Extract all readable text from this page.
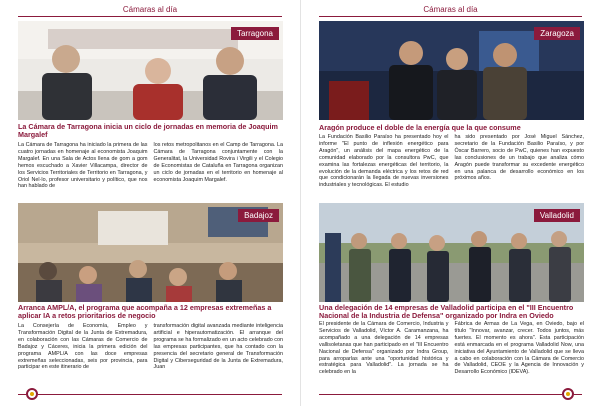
Cámaras al día
Tarragona
La Cámara de Tarragona inicia un ciclo de jornadas en memoria de Joaquim Margalef
La Cámara de Tarragona ha iniciado la primera de las cuatro jornadas en homenaje al economista Joaquim Margalef. En una Sala de Actos llena de gom a gom hemos escuchado a Xavier Villacampa, director de los Servicios Territoriales de Territorio en Tarragona, y Oriol Nel·lo, profesor universitario y político, que nos han hablado de
los retos metropolitanos en el Camp de Tarragona. La Cámara de Tarragona conjuntamente con la Generalitat, la Universidad Rovira i Virgili y el Colegio de Economistas de Cataluña en Tarragona organizan un ciclo de jornadas en el territorio en homenaje al economista Joaquim Margalef.
Badajoz
Arranca AMPL/A, el programa que acompaña a 12 empresas extremeñas a aplicar IA a retos prioritarios de negocio
La Consejería de Economía, Empleo y Transformación Digital de la Junta de Extremadura, en colaboración con las Cámaras de Comercio de Badajoz y Cáceres, inicia la primera edición del programa AMPL/A con las doce empresas extremeñas seleccionadas, seis por provincia, para participar en este itinerario de
transformación digital avanzada mediante inteligencia artificial e hiperautomatización. El arranque del programa se ha formalizado en un acto celebrado con las empresas participantes, que ha contado con la presencia del secretario general de Transformación Digital y Ciberseguridad de la Junta de Extremadura, Juan
Cámaras al día
Zaragoza
Aragón produce el doble de la energía que la que consume
La Fundación Basilio Paraíso ha presentado hoy el informe "El punto de inflexión energético para Aragón", un análisis del mapa energético de la comunidad elaborado por la consultora PwC, que examina las fortalezas energéticas del territorio, la evolución de la demanda eléctrica y los retos de red que condicionarán la llegada de nuevas inversiones industriales y tecnológicas. El estudio
ha sido presentado por José Miguel Sánchez, secretario de la Fundación Basilio Paraíso, y por Óscar Barrero, socio de PwC, quienes han expuesto las conclusiones de un trabajo que analiza cómo Aragón puede transformar su excedente energético en una palanca de desarrollo económico en los próximos años.
Valladolid
Una delegación de 14 empresas de Valladolid participa en el "III Encuentro Nacional de la Industria de Defensa" organizado por Indra en Oviedo
El presidente de la Cámara de Comercio, Industria y Servicios de Valladolid, Víctor A. Caramanzana, ha acompañado a una delegación de 14 empresas vallisoletanas que han participado en el "III Encuentro Nacional de Defensa" organizado por Indra Group, para arroparlas ante una "oportunidad histórica y estratégica para Valladolid". La jornada se ha celebrado en la
Fábrica de Armas de La Vega, en Oviedo, bajo el título "Innovar, avanzar, crecer. Todos juntos, más fuertes. El momento es ahora". Esta participación está enmarcada en el programa Valladolid Now, una iniciativa del Ayuntamiento de Valladolid que se lleva a cabo en colaboración con la Cámara de Comercio de Valladolid, CEOE y la Agencia de Innovación y Desarrollo Económico (IDEVA).
